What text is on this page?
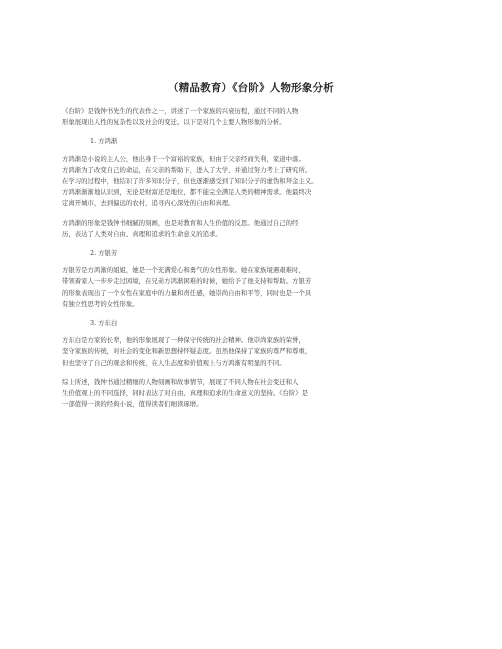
（精品教育）《台阶》人物形象分析

《台阶》是钱钟书先生的代表作之一，讲述了一个家族的兴衰历程，通过不同的人物
形象展现出人性的复杂性以及社会的变迁。以下是对几个主要人物形象的分析。

1. 方鸿渐

方鸿渐是小说的主人公，他出身于一个富裕的家族，但由于父亲经商失利，家道中落。
方鸿渐为了改变自己的命运，在父亲的帮助下，进入了大学，并通过努力考上了研究所。
在学习的过程中，他结识了许多知识分子，但也逐渐感受到了知识分子的虚伪和拜金主义。
方鸿渐渐渐地认识到，无论是财富还是地位，都不能完全满足人类的精神需求。他最终决
定离开城市，去到偏远的农村，追寻内心深处的自由和真理。

方鸿渐的形象是钱钟书细腻的刻画，也是对教育和人生价值的反思。他通过自己的经
历，表达了人类对自由、真理和追求的生命意义的追求。

2. 方银芳

方银芳是方鸿渐的姐姐，她是一个充满爱心和勇气的女性形象。她在家族境遇艰难时，
带领着家人一步步走过困境，在兄弟方鸿渐困难的时候，她给予了他支持和帮助。方银芳
的形象表现出了一个女性在家庭中的力量和责任感，她崇尚自由和平等，同时也是一个具
有独立性思考的女性形象。

3. 方东白

方东白是方家的长辈，他的形象展现了一种保守传统的社会精神。他崇尚家族的荣誉，
坚守家族的传统，对社会的变化和新思想持怀疑态度。虽然他保持了家族的尊严和尊重，
但也坚守了自己的观念和传统，在人生态度和价值观上与方鸿渐有明显的不同。

综上所述，钱钟书通过精细的人物刻画和故事情节，展现了不同人物在社会变迁和人
生价值观上的不同选择，同时表达了对自由、真理和追求的生命意义的坚持。《台阶》是
一部值得一读的经典小说，值得读者们细读琢磨。
